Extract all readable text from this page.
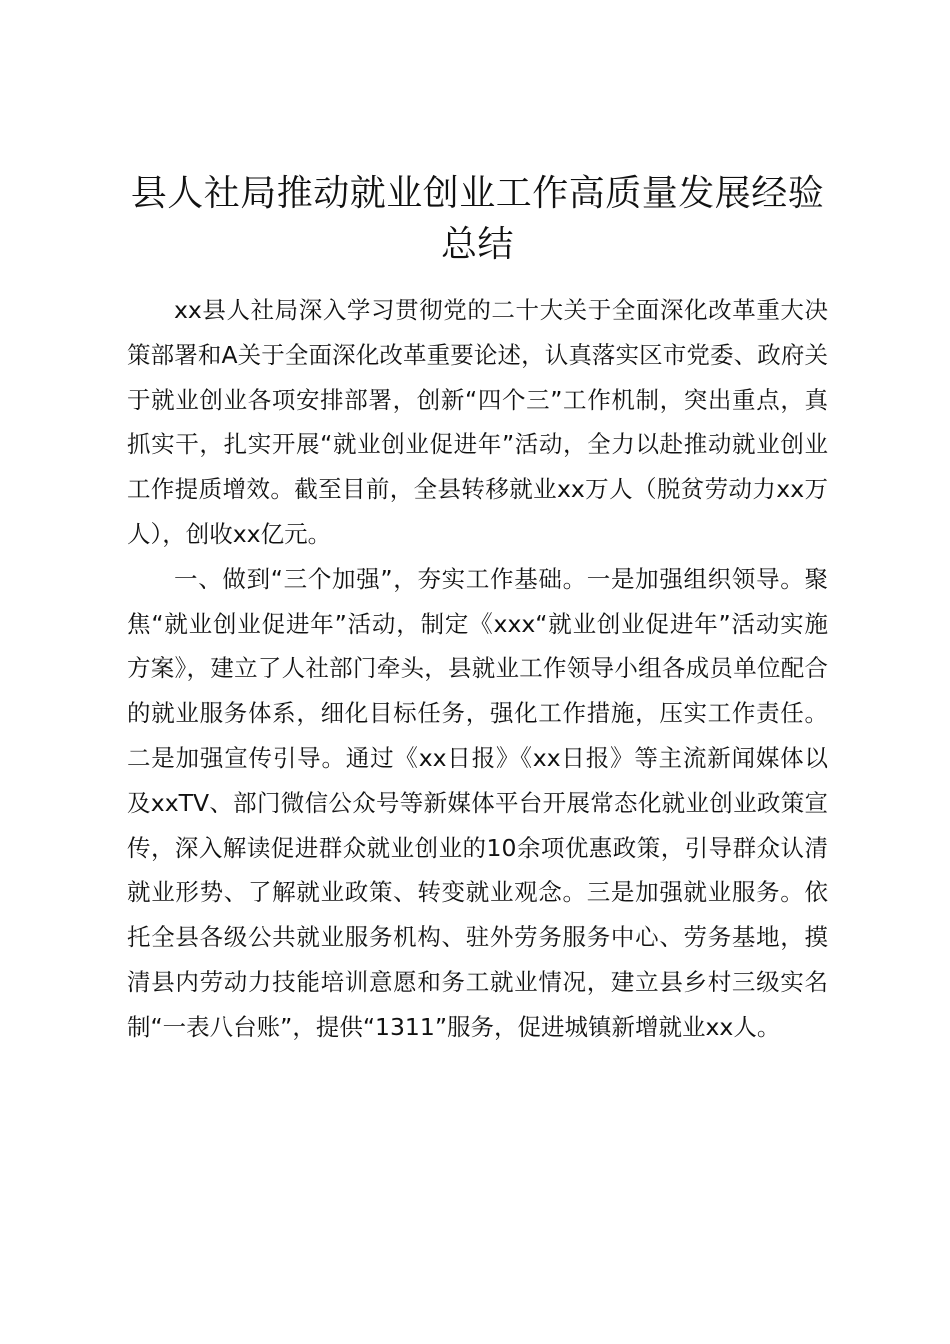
县人社局推动就业创业工作高质量发展经验总结

xx县人社局深入学习贯彻党的二十大关于全面深化改革重大决策部署和A关于全面深化改革重要论述，认真落实区市党委、政府关于就业创业各项安排部署，创新“四个三”工作机制，突出重点，真抓实干，扎实开展“就业创业促进年”活动，全力以赴推动就业创业工作提质增效。截至目前，全县转移就业xx万人（脱贫劳动力xx万人），创收xx亿元。

一、做到“三个加强”，夯实工作基础。一是加强组织领导。聚焦“就业创业促进年”活动，制定《xxx“就业创业促进年”活动实施方案》，建立了人社部门牵头，县就业工作领导小组各成员单位配合的就业服务体系，细化目标任务，强化工作措施，压实工作责任。二是加强宣传引导。通过《xx日报》《xx日报》等主流新闻媒体以及xxTV、部门微信公众号等新媒体平台开展常态化就业创业政策宣传，深入解读促进群众就业创业的10余项优惠政策，引导群众认清就业形势、了解就业政策、转变就业观念。三是加强就业服务。依托全县各级公共就业服务机构、驻外劳务服务中心、劳务基地，摸清县内劳动力技能培训意愿和务工就业情况，建立县乡村三级实名制“一表八台账”，提供“1311”服务，促进城镇新增就业xx人。
